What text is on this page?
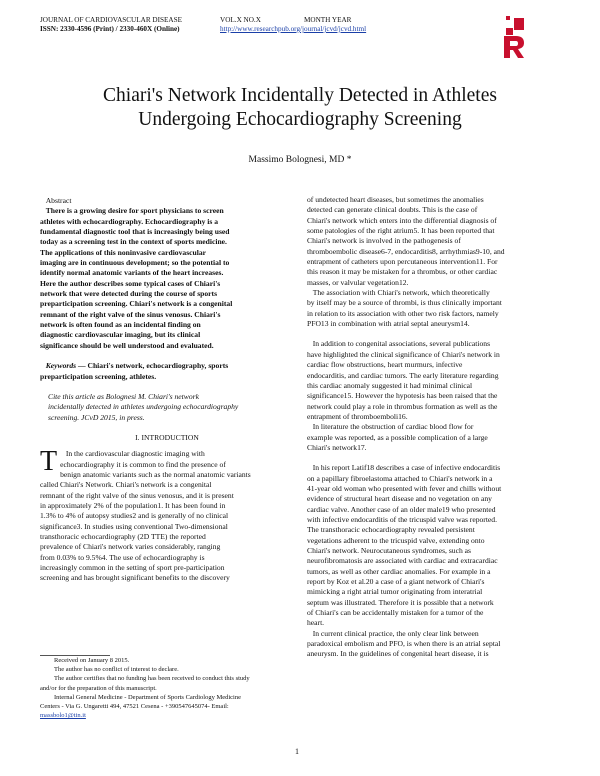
JOURNAL OF CARDIOVASCULAR DISEASE	VOL.X NO.X	MONTH YEAR
ISSN: 2330-4596 (Print) / 2330-460X (Online)	http://www.researchpub.org/journal/jcvd/jcvd.html
Chiari's Network Incidentally Detected in Athletes
Undergoing Echocardiography Screening
Massimo Bolognesi, MD *
Abstract
There is a growing desire for sport physicians to screen
athletes with echocardiography. Echocardiography is a
fundamental diagnostic tool that is increasingly being used
today as a screening test in the context of sports medicine.
The applications of this noninvasive cardiovascular
imaging are in continuous development; so the potential to
identify normal anatomic variants of the heart increases.
Here the author describes some typical cases of Chiari's
network that were detected during the course of sports
preparticipation screening. Chiari's network is a congenital
remnant of the right valve of the sinus venosus. Chiari's
network is often found as an incidental finding on
diagnostic cardiovascular imaging, but its clinical
significance should be well understood and evaluated.
Keywords — Chiari's network, echocardiography, sports
preparticipation screening, athletes.
Cite this article as Bolognesi M. Chiari's network
incidentally detected in athletes undergoing echocardiography
screening. JCvD 2015, in press.
I. INTRODUCTION
T	In the cardiovascular diagnostic imaging with
echocardiography it is common to find the presence of
benign anatomic variants such as the normal anatomic variants
called Chiari's Network. Chiari's network is a congenital
remnant of the right valve of the sinus venosus, and it is present
in approximately 2% of the population1. It has been found in
1.3% to 4% of autopsy studies2 and is generally of no clinical
significance3. In studies using conventional Two-dimensional
transthoracic echocardiography (2D TTE) the reported
prevalence of Chiari's network varies considerably, ranging
from 0.03% to 9.5%4. The use of echocardiography is
increasingly common in the setting of sport pre-participation
screening and has brought significant benefits to the discovery
Received on January 8 2015.
The author has no conflict of interest to declare.
The author certifies that no funding has been received to conduct this study
and/or for the preparation of this manuscript.
Internal General Medicine - Department of Sports Cardiology Medicine
Centers - Via G. Ungaretti 494, 47521 Cesena - +390547645074- Email:
massbolo1@tin.it
of undetected heart diseases, but sometimes the anomalies
detected can generate clinical doubts. This is the case of
Chiari's network which enters into the differential diagnosis of
some patologies of the right atrium5. It has been reported that
Chiari's network is involved in the pathogenesis of
thromboembolic disease6-7, endocarditis8, arrhythmias9-10, and
entrapment of catheters upon percutaneous intervention11. For
this reason it may be mistaken for a thrombus, or other cardiac
masses, or valvular vegetation12.
The association with Chiari's network, which theoretically
by itself may be a source of thrombi, is thus clinically important
in relation to its association with other two risk factors, namely
PFO13 in combination with atrial septal aneurysm14.
In addition to congenital associations, several publications
have highlighted the clinical significance of Chiari's network in
cardiac flow obstructions, heart murmurs, infective
endocarditis, and cardiac tumors. The early literature regarding
this cardiac anomaly suggested it had minimal clinical
significance15. However the hypotesis has been raised that the
network could play a role in thrombus formation as well as the
entrapment of thromboemboli16.
In literature the obstruction of cardiac blood flow for
example was reported, as a possible complication of a large
Chiari's network17.
In his report Latif18 describes a case of infective endocarditis
on a papillary fibroelastoma attached to Chiari's network in a
41-year old woman who presented with fever and chills without
evidence of structural heart disease and no vegetation on any
cardiac valve. Another case of an older male19 who presented
with infective endocarditis of the tricuspid valve was reported.
The transthoracic echocardiography revealed persistent
vegetations adherent to the tricuspid valve, extending onto
Chiari's network. Neurocutaneous syndromes, such as
neurofibromatosis are associated with cardiac and extracardiac
tumors, as well as other cardiac anomalies. For example in a
report by Koz et al.20 a case of a giant network of Chiari's
mimicking a right atrial tumor originating from interatrial
septum was illustrated. Therefore it is possible that a network
of Chiari's can be accidentally mistaken for a tumor of the
heart.
In current clinical practice, the only clear link between
paradoxical embolism and PFO, is when there is an atrial septal
aneurysm. In the guidelines of congenital heart disease, it is
1
